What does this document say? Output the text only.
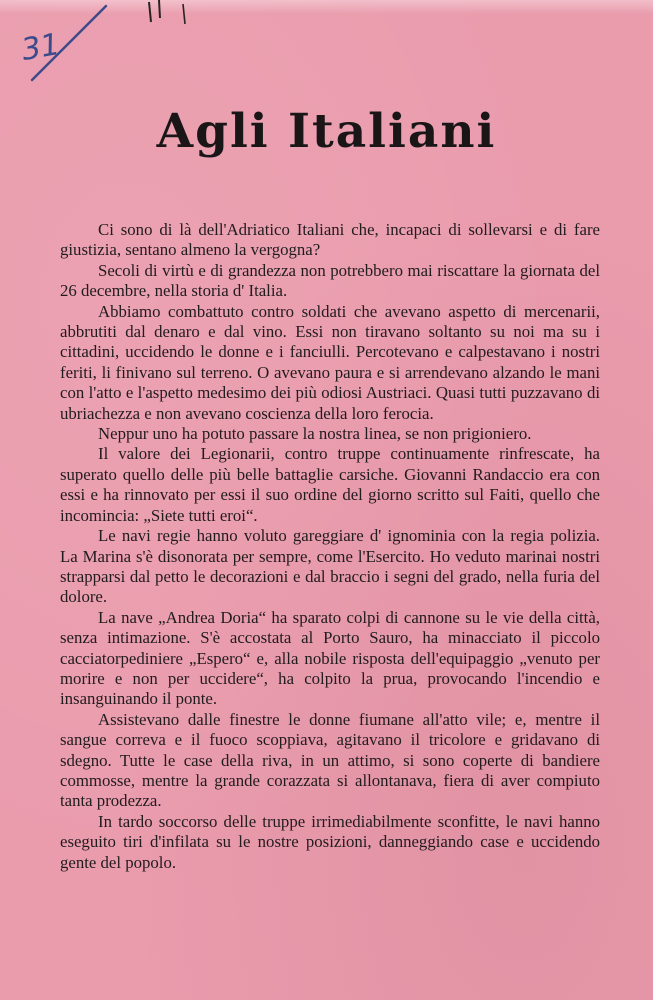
31
Agli Italiani

Ci sono di là dell'Adriatico Italiani che, incapaci di sollevarsi e di fare giustizia, sentano almeno la vergogna?

Secoli di virtù e di grandezza non potrebbero mai riscattare la giornata del 26 decembre, nella storia d' Italia.

Abbiamo combattuto contro soldati che avevano aspetto di mercenarii, abbrutiti dal denaro e dal vino. Essi non tiravano soltanto su noi ma su i cittadini, uccidendo le donne e i fanciulli. Percotevano e calpestavano i nostri feriti, li finivano sul terreno. O avevano paura e si arrendevano alzando le mani con l'atto e l'aspetto medesimo dei più odiosi Austriaci. Quasi tutti puzzavano di ubriachezza e non avevano coscienza della loro ferocia.

Neppur uno ha potuto passare la nostra linea, se non prigioniero.

Il valore dei Legionarii, contro truppe continuamente rinfrescate, ha superato quello delle più belle battaglie carsiche. Giovanni Randaccio era con essi e ha rinnovato per essi il suo ordine del giorno scritto sul Faiti, quello che incomincia: „Siete tutti eroi“.

Le navi regie hanno voluto gareggiare d' ignominia con la regia polizia. La Marina s'è disonorata per sempre, come l'Esercito. Ho veduto marinai nostri strapparsi dal petto le decorazioni e dal braccio i segni del grado, nella furia del dolore.

La nave „Andrea Doria“ ha sparato colpi di cannone su le vie della città, senza intimazione. S'è accostata al Porto Sauro, ha minacciato il piccolo cacciatorpediniere „Espero“ e, alla nobile risposta dell'equipaggio „venuto per morire e non per uccidere“, ha colpito la prua, provocando l'incendio e insanguinando il ponte.

Assistevano dalle finestre le donne fiumane all'atto vile; e, mentre il sangue correva e il fuoco scoppiava, agitavano il tricolore e gridavano di sdegno. Tutte le case della riva, in un attimo, si sono coperte di bandiere commosse, mentre la grande corazzata si allontanava, fiera di aver compiuto tanta prodezza.

In tardo soccorso delle truppe irrimediabilmente sconfitte, le navi hanno eseguito tiri d'infilata su le nostre posizioni, danneggiando case e uccidendo gente del popolo.
